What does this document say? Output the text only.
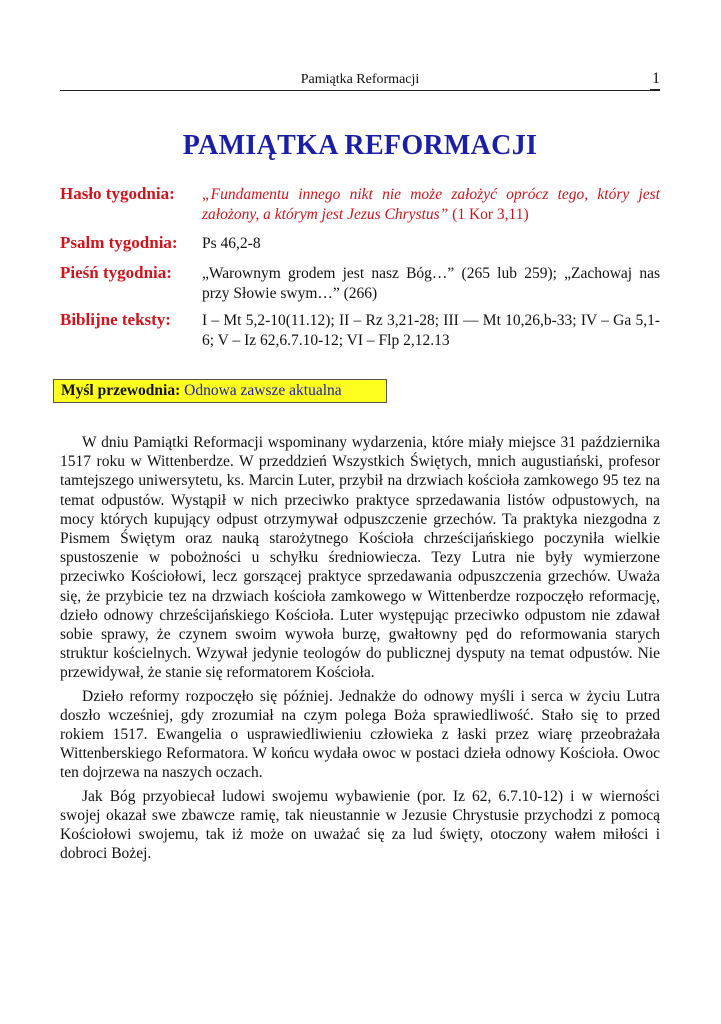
Pamiątka Reformacji	1
PAMIĄTKA REFORMACJI
Hasło tygodnia:	„Fundamentu innego nikt nie może założyć oprócz tego, który jest założony, a którym jest Jezus Chrystus” (1 Kor 3,11)
Psalm tygodnia:	Ps 46,2-8
Pieśń tygodnia:	„Warownym grodem jest nasz Bóg…” (265 lub 259); „Zachowaj nas przy Słowie swym…” (266)
Biblijne teksty:	I – Mt 5,2-10(11.12); II – Rz 3,21-28; III — Mt 10,26,b-33; IV – Ga 5,1-6; V – Iz 62,6.7.10-12; VI – Flp 2,12.13
Myśl przewodnia: Odnowa zawsze aktualna

W dniu Pamiątki Reformacji wspominany wydarzenia, które miały miejsce 31 października 1517 roku w Wittenberdze. W przeddzień Wszystkich Świętych, mnich augustiański, profesor tamtejszego uniwersytetu, ks. Marcin Luter, przybił na drzwiach kościoła zamkowego 95 tez na temat odpustów. Wystąpił w nich przeciwko praktyce sprzedawania listów odpustowych, na mocy których kupujący odpust otrzymywał odpuszczenie grzechów. Ta praktyka niezgodna z Pismem Świętym oraz nauką starożytnego Kościoła chrześcijańskiego poczyniła wielkie spustoszenie w pobożności u schyłku średniowiecza. Tezy Lutra nie były wymierzone przeciwko Kościołowi, lecz gorszącej praktyce sprzedawania odpuszczenia grzechów. Uważa się, że przybicie tez na drzwiach kościoła zamkowego w Wittenberdze rozpoczęło reformację, dzieło odnowy chrześcijańskiego Kościoła. Luter występując przeciwko odpustom nie zdawał sobie sprawy, że czynem swoim wywoła burzę, gwałtowny pęd do reformowania starych struktur kościelnych. Wzywał jedynie teologów do publicznej dysputy na temat odpustów. Nie przewidywał, że stanie się reformatorem Kościoła.

Dzieło reformy rozpoczęło się później. Jednakże do odnowy myśli i serca w życiu Lutra doszło wcześniej, gdy zrozumiał na czym polega Boża sprawiedliwość. Stało się to przed rokiem 1517. Ewangelia o usprawiedliwieniu człowieka z łaski przez wiarę przeobrażała Wittenberskiego Reformatora. W końcu wydała owoc w postaci dzieła odnowy Kościoła. Owoc ten dojrzewa na naszych oczach.

Jak Bóg przyobiecał ludowi swojemu wybawienie (por. Iz 62, 6.7.10-12) i w wierności swojej okazał swe zbawcze ramię, tak nieustannie w Jezusie Chrystusie przychodzi z pomocą Kościołowi swojemu, tak iż może on uważać się za lud święty, otoczony wałem miłości i dobroci Bożej.
